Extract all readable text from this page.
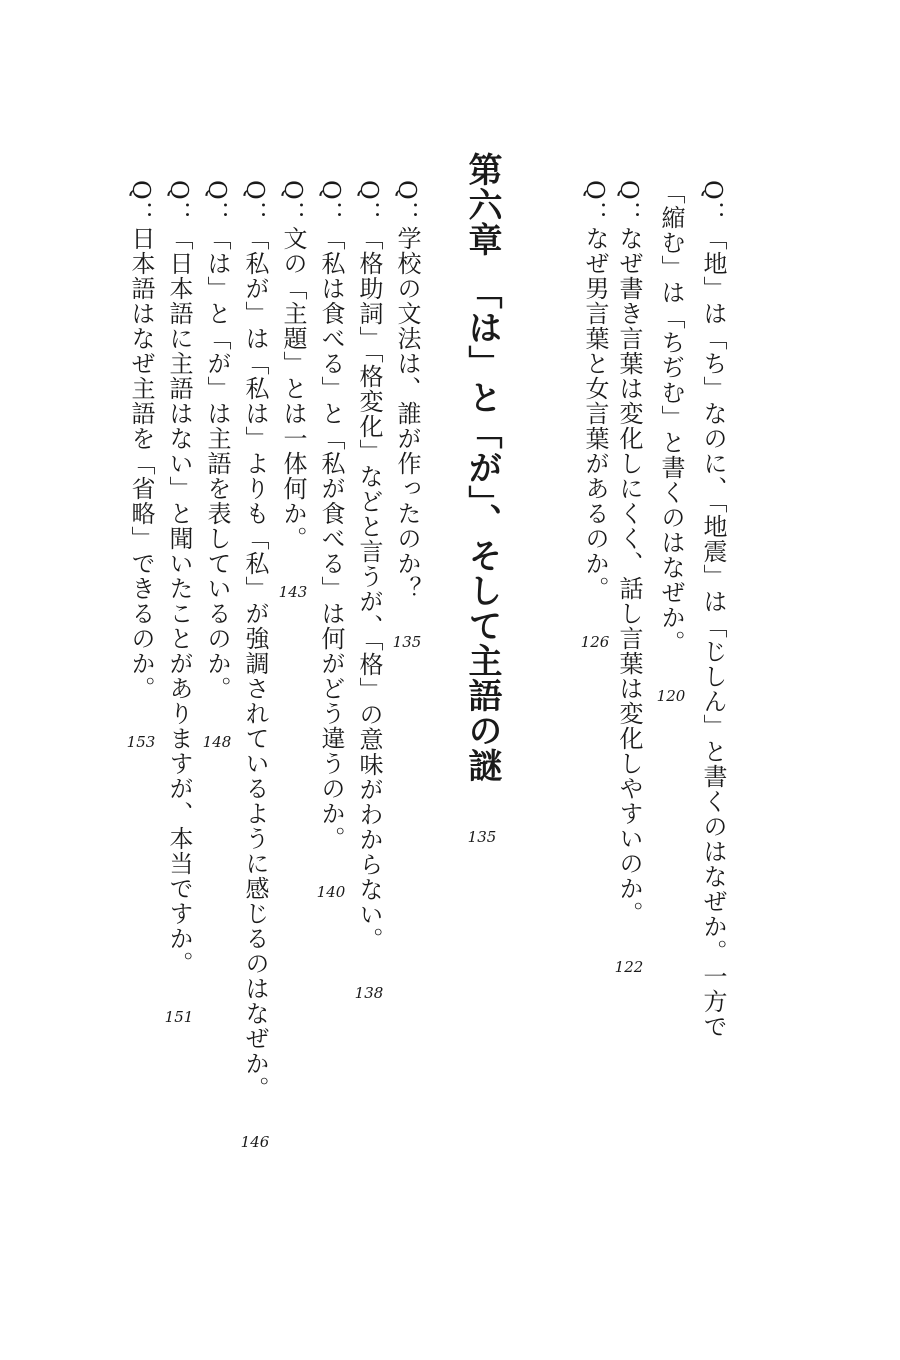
Q：「地」は「ち」なのに、「地震」は「じしん」と書くのはなぜか。一方で
「縮む」は「ちぢむ」と書くのはなぜか。120
Q：なぜ書き言葉は変化しにくく、話し言葉は変化しやすいのか。122
Q：なぜ男言葉と女言葉があるのか。126
第六章　「は」と「が」、そして主語の謎135
Q：学校の文法は、誰が作ったのか？135
Q：「格助詞」「格変化」などと言うが、「格」の意味がわからない。138
Q：「私は食べる」と「私が食べる」は何がどう違うのか。140
Q：文の「主題」とは一体何か。143
Q：「私が」は「私は」よりも「私」が強調されているように感じるのはなぜか。146
Q：「は」と「が」は主語を表しているのか。148
Q：「日本語に主語はない」と聞いたことがありますが、本当ですか。151
Q：日本語はなぜ主語を「省略」できるのか。153
